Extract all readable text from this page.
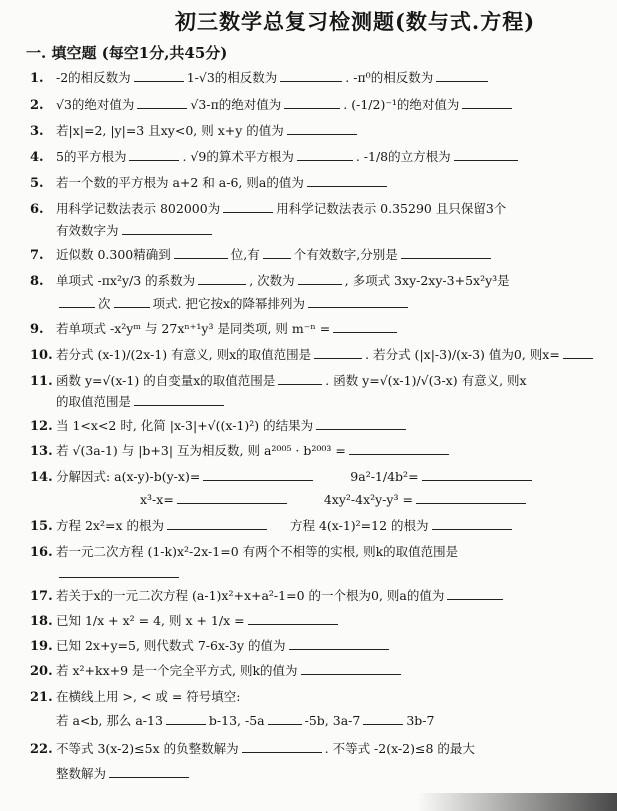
初三数学总复习检测题(数与式.方程)
一. 填空题 (每空1分,共45分)
1. -2的相反数为	1-√3的相反数为	. -π⁰的相反数为
2. √3的绝对值为	√3-π的绝对值为	. (-1/2)⁻¹的绝对值为
3. 若|x|=2, |y|=3 且xy<0, 则 x+y 的值为
4. 5的平方根为	. √9的算术平方根为	. -1/8的立方根为
5. 若一个数的平方根为 a+2 和 a-6, 则a的值为
6. 用科学记数法表示 802000为	用科学记数法表示 0.35290 且只保留3个
有效数字为
7. 近似数 0.300精确到	位,有	个有效数字,分别是
8. 单项式 -πx²y/3 的系数为	, 次数为	, 多项式 3xy-2xy-3+5x²y³是
次	项式. 把它按x的降幂排列为
9. 若单项式 -x²yᵐ 与 27xⁿ⁺¹y³ 是同类项, 则 m⁻ⁿ =
10. 若分式 (x-1)/(2x-1) 有意义, 则x的取值范围是	. 若分式 (|x|-3)/(x-3) 值为0, 则x=
11. 函数 y=√(x-1) 的自变量x的取值范围是	. 函数 y=√(x-1)/√(3-x) 有意义, 则x
的取值范围是
12. 当 1<x<2 时, 化简 |x-3|+√((x-1)²) 的结果为
13. 若 √(3a-1) 与 |b+3| 互为相反数, 则 a²⁰⁰⁵ · b²⁰⁰³ =
14. 分解因式: a(x-y)-b(y-x)=	9a²-1/4b²=
x³-x=	4xy²-4x²y-y³ =
15. 方程 2x²=x 的根为	方程 4(x-1)²=12 的根为
16. 若一元二次方程 (1-k)x²-2x-1=0 有两个不相等的实根, 则k的取值范围是
17. 若关于x的一元二次方程 (a-1)x²+x+a²-1=0 的一个根为0, 则a的值为
18. 已知 1/x + x² = 4, 则 x + 1/x =
19. 已知 2x+y=5, 则代数式 7-6x-3y 的值为
20. 若 x²+kx+9 是一个完全平方式, 则k的值为
21. 在横线上用 >, < 或 = 符号填空:
若 a<b, 那么 a-13	b-13, -5a	-5b, 3a-7	3b-7
22. 不等式 3(x-2)≤5x 的负整数解为	. 不等式 -2(x-2)≤8 的最大
整数解为
